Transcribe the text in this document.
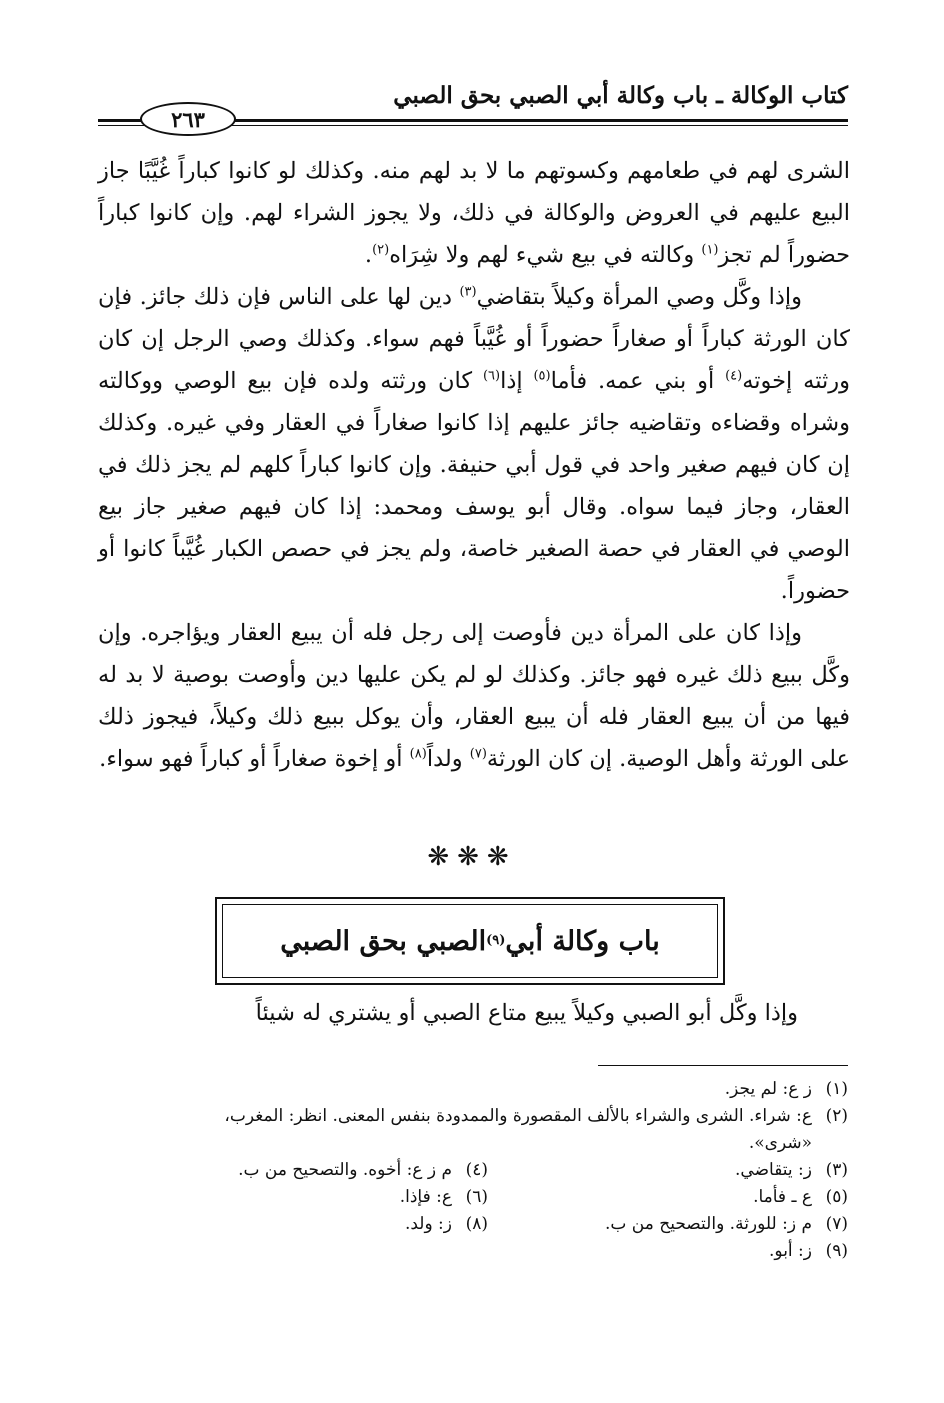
كتاب الوكالة ـ باب وكالة أبي الصبي بحق الصبي
٢٦٣

الشرى لهم في طعامهم وكسوتهم ما لا بد لهم منه. وكذلك لو كانوا كباراً غُيَّبًا جاز البيع عليهم في العروض والوكالة في ذلك، ولا يجوز الشراء لهم. وإن كانوا كباراً حضوراً لم تجز$^{(١)}$ وكالته في بيع شيء لهم ولا شِرَاه$^{(٢)}$.

وإذا وكَّل وصي المرأة وكيلاً بتقاضي$^{(٣)}$ دين لها على الناس فإن ذلك جائز. فإن كان الورثة كباراً أو صغاراً حضوراً أو غُيَّباً فهم سواء. وكذلك وصي الرجل إن كان ورثته إخوته$^{(٤)}$ أو بني عمه. فأما$^{(٥)}$ إذا$^{(٦)}$ كان ورثته ولده فإن بيع الوصي ووكالته وشراه وقضاءه وتقاضيه جائز عليهم إذا كانوا صغاراً في العقار وفي غيره. وكذلك إن كان فيهم صغير واحد في قول أبي حنيفة. وإن كانوا كباراً كلهم لم يجز ذلك في العقار، وجاز فيما سواه. وقال أبو يوسف ومحمد: إذا كان فيهم صغير جاز بيع الوصي في العقار في حصة الصغير خاصة، ولم يجز في حصص الكبار غُيَّباً كانوا أو حضوراً.

وإذا كان على المرأة دين فأوصت إلى رجل فله أن يبيع العقار ويؤاجره. وإن وكَّل ببيع ذلك غيره فهو جائز. وكذلك لو لم يكن عليها دين وأوصت بوصية لا بد له فيها من أن يبيع العقار فله أن يبيع العقار، وأن يوكل ببيع ذلك وكيلاً، فيجوز ذلك على الورثة وأهل الوصية. إن كان الورثة$^{(٧)}$ ولداً$^{(٨)}$ أو إخوة صغاراً أو كباراً فهو سواء.

❋❋❋
باب وكالة أبي
(٩)
الصبي بحق الصبي

وإذا وكَّل أبو الصبي وكيلاً يبيع متاع الصبي أو يشتري له شيئاً

(١)
ز ع: لم يجز.
(٢)
ع: شراء. الشرى والشراء بالألف المقصورة والممدودة بنفس المعنى. انظر: المغرب،
«شرى».
(٣)
ز: يتقاضي.
(٤)
م ز ع: أخوه. والتصحيح من ب.
(٥)
ع ـ فأما.
(٦)
ع: فإذا.
(٧)
م ز: للورثة. والتصحيح من ب.
(٨)
ز: ولد.
(٩)
ز: أبو.
